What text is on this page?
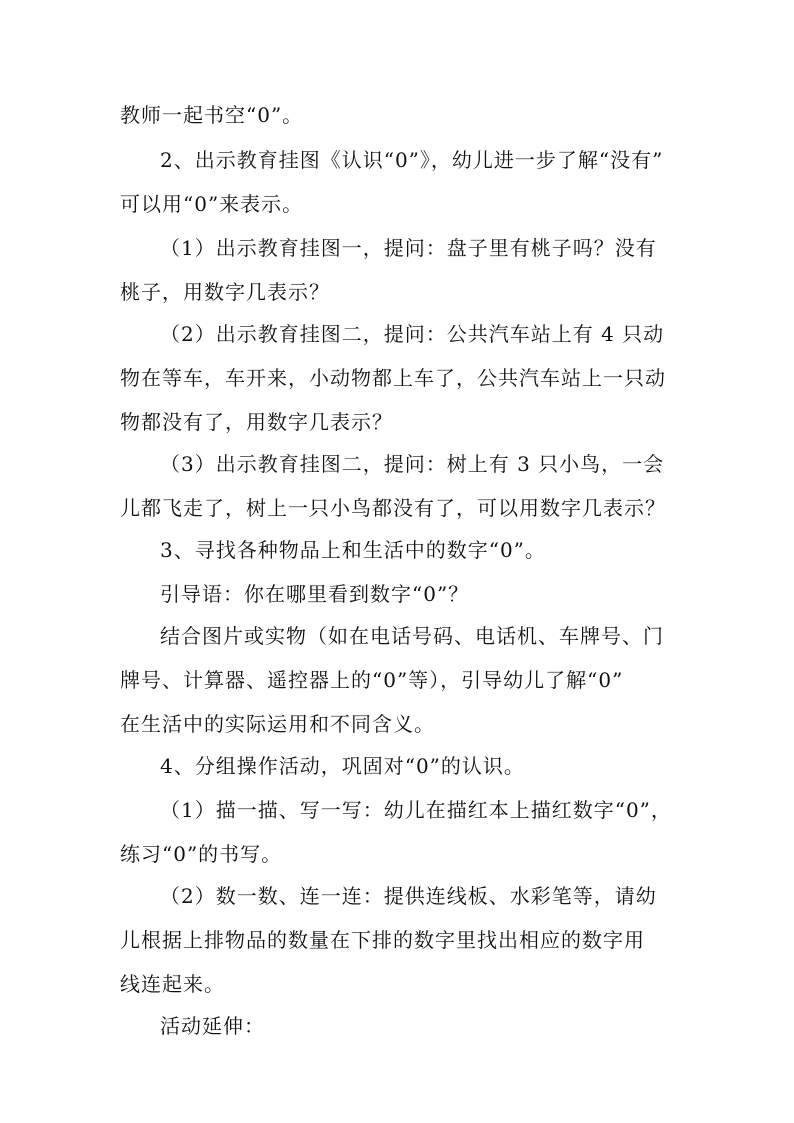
教师一起书空“0”。
2、出示教育挂图《认识“0”》，幼儿进一步了解“没有”
可以用“0”来表示。
（1）出示教育挂图一，提问：盘子里有桃子吗？没有
桃子，用数字几表示？
（2）出示教育挂图二，提问：公共汽车站上有 4 只动
物在等车，车开来，小动物都上车了，公共汽车站上一只动
物都没有了，用数字几表示？
（3）出示教育挂图二，提问：树上有 3 只小鸟，一会
儿都飞走了，树上一只小鸟都没有了，可以用数字几表示？
3、寻找各种物品上和生活中的数字“0”。
引导语：你在哪里看到数字“0”？
结合图片或实物（如在电话号码、电话机、车牌号、门
牌号、计算器、遥控器上的“0”等），引导幼儿了解“0”
在生活中的实际运用和不同含义。
4、分组操作活动，巩固对“0”的认识。
（1）描一描、写一写：幼儿在描红本上描红数字“0”，
练习“0”的书写。
（2）数一数、连一连：提供连线板、水彩笔等，请幼
儿根据上排物品的数量在下排的数字里找出相应的数字用
线连起来。
活动延伸：
